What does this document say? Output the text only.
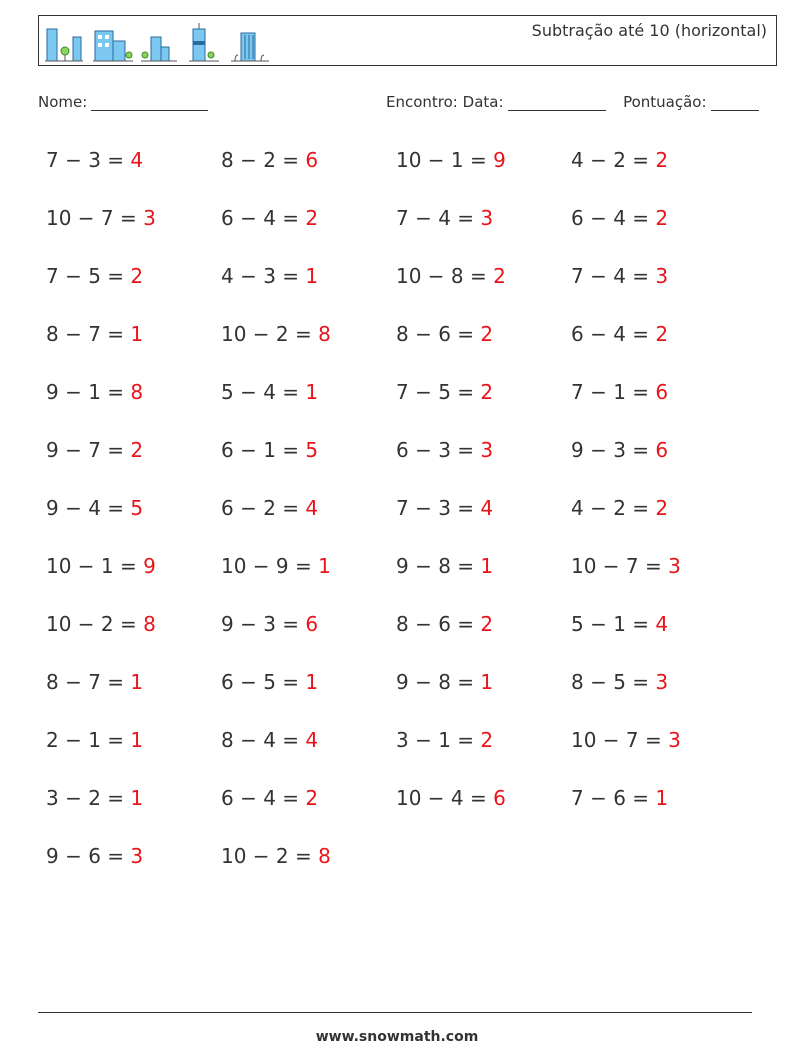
Subtração até 10 (horizontal)
Nome:	Encontro: Data:	Pontuação:
7 − 3 = 4	8 − 2 = 6	10 − 1 = 9	4 − 2 = 2
10 − 7 = 3	6 − 4 = 2	7 − 4 = 3	6 − 4 = 2
7 − 5 = 2	4 − 3 = 1	10 − 8 = 2	7 − 4 = 3
8 − 7 = 1	10 − 2 = 8	8 − 6 = 2	6 − 4 = 2
9 − 1 = 8	5 − 4 = 1	7 − 5 = 2	7 − 1 = 6
9 − 7 = 2	6 − 1 = 5	6 − 3 = 3	9 − 3 = 6
9 − 4 = 5	6 − 2 = 4	7 − 3 = 4	4 − 2 = 2
10 − 1 = 9	10 − 9 = 1	9 − 8 = 1	10 − 7 = 3
10 − 2 = 8	9 − 3 = 6	8 − 6 = 2	5 − 1 = 4
8 − 7 = 1	6 − 5 = 1	9 − 8 = 1	8 − 5 = 3
2 − 1 = 1	8 − 4 = 4	3 − 1 = 2	10 − 7 = 3
3 − 2 = 1	6 − 4 = 2	10 − 4 = 6	7 − 6 = 1
9 − 6 = 3	10 − 2 = 8
www.snowmath.com
